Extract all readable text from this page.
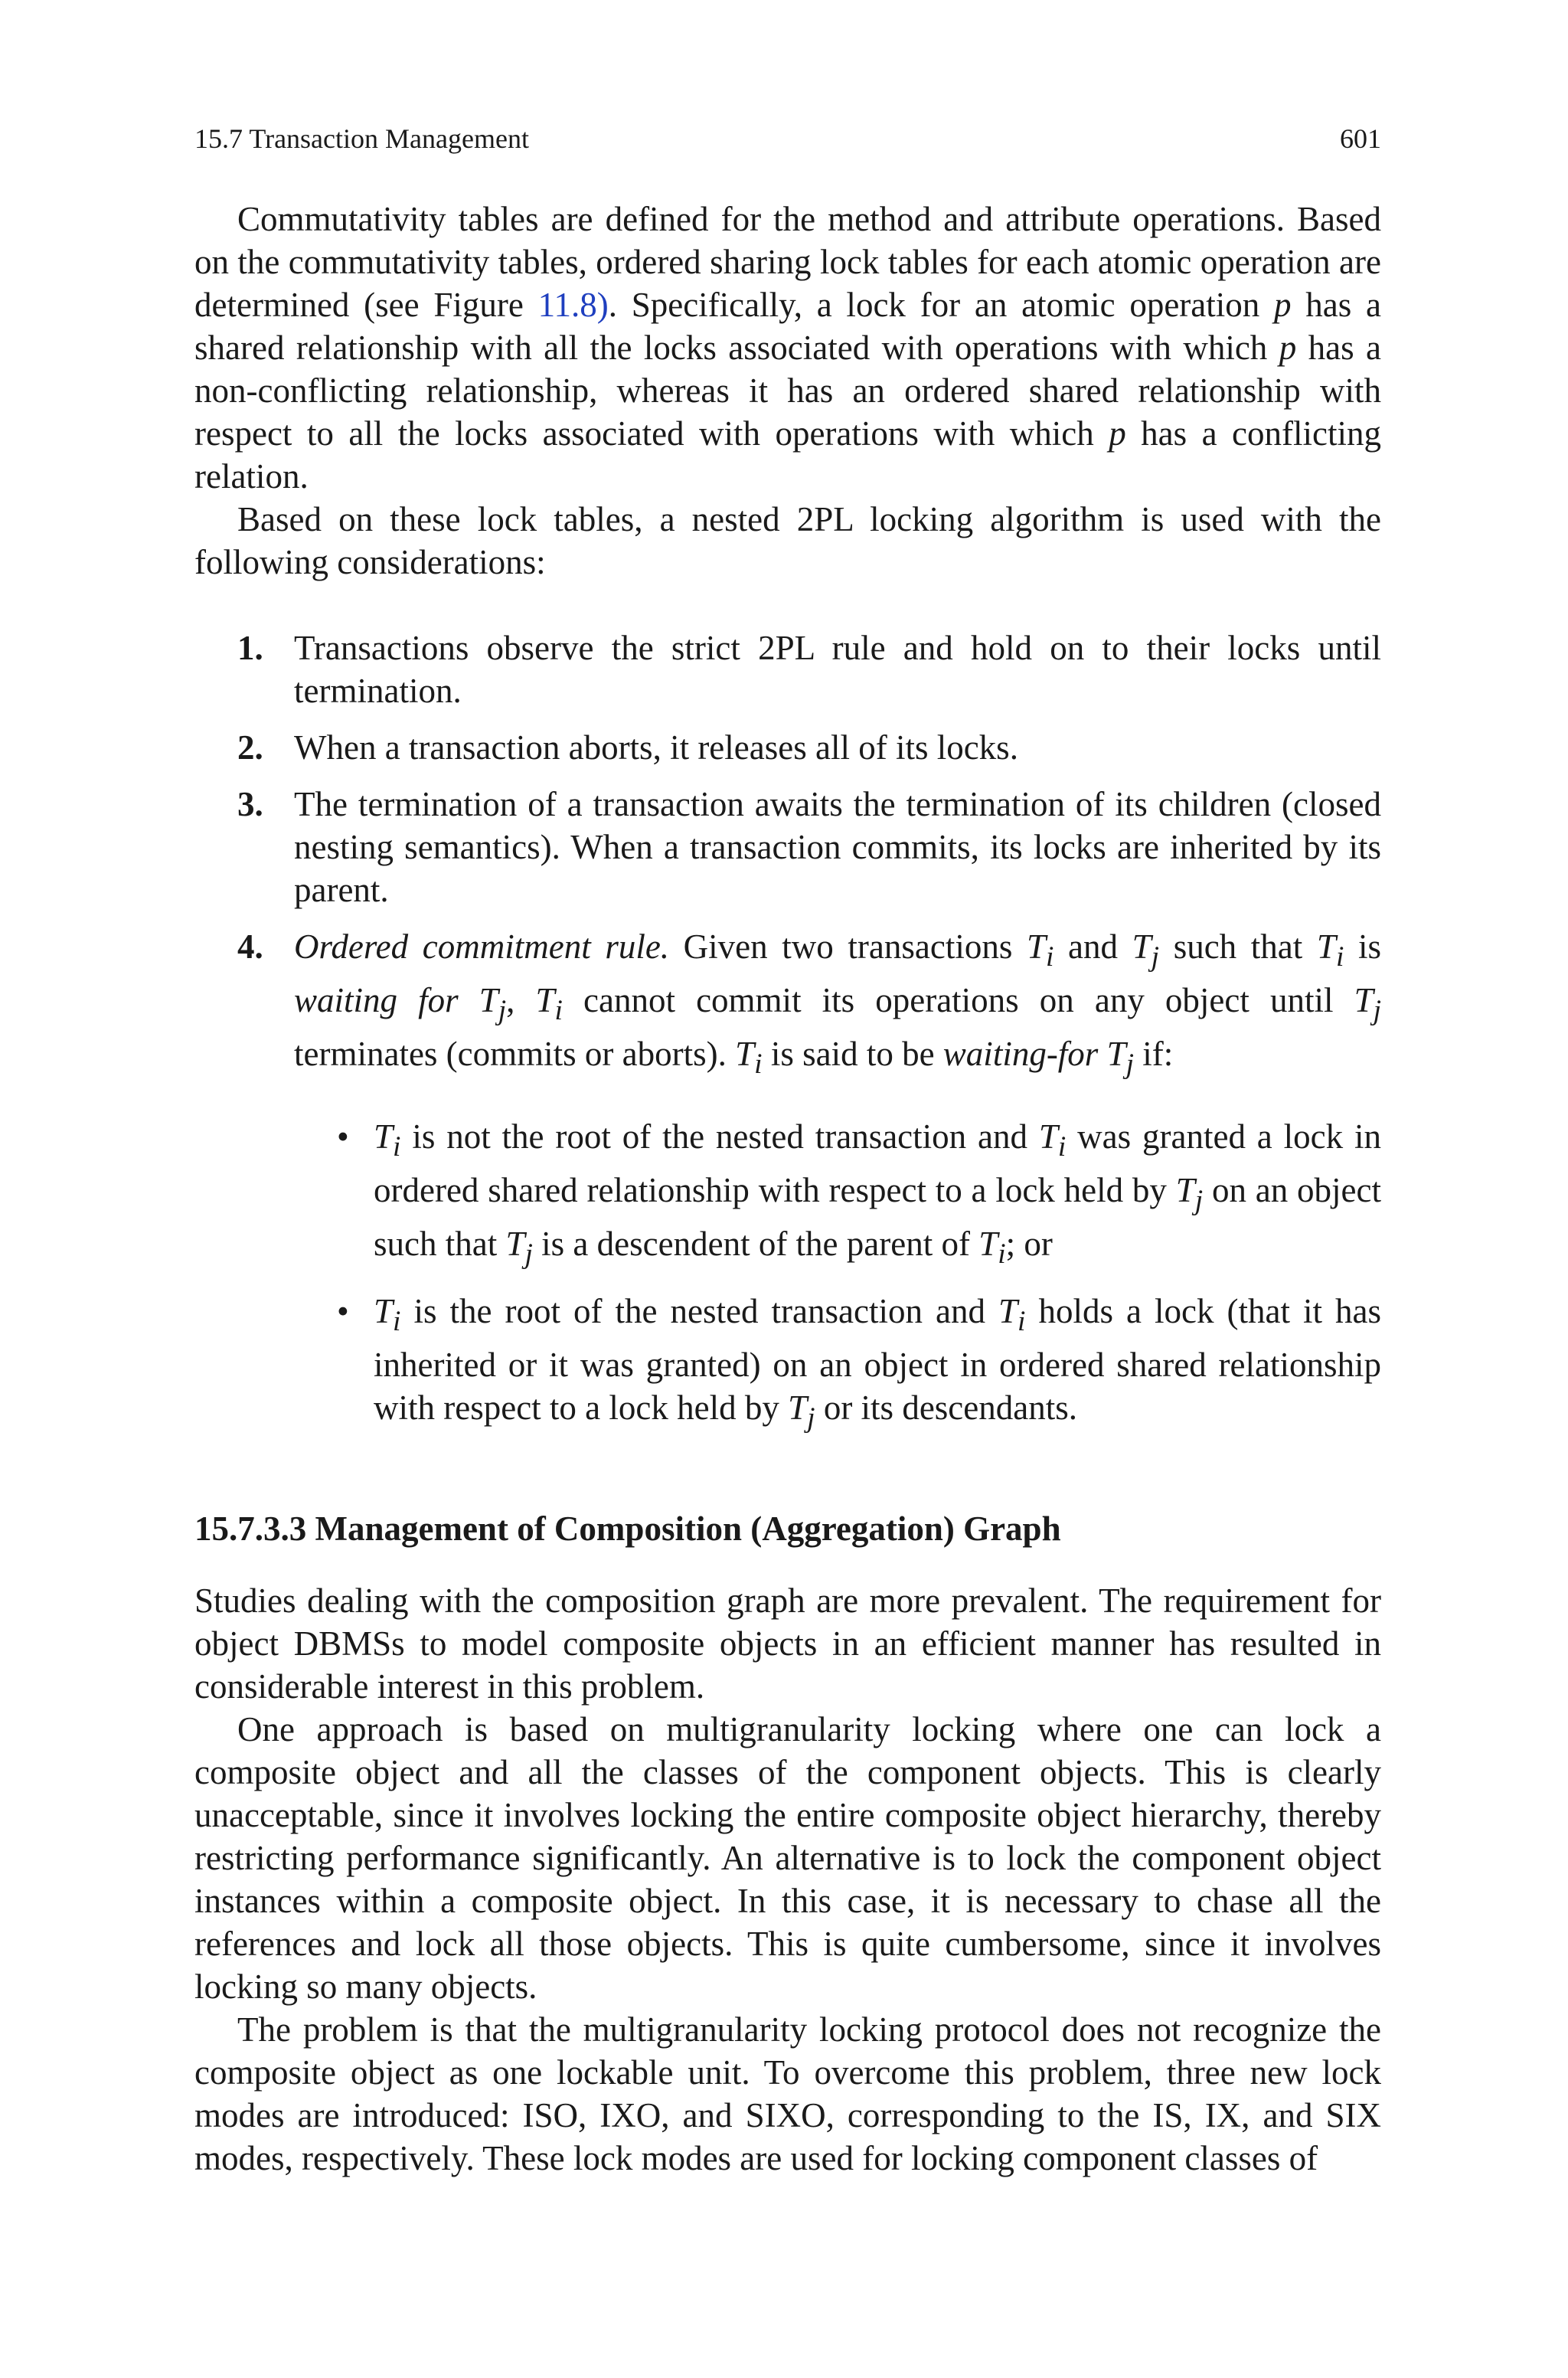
15.7 Transaction Management	601

Commutativity tables are defined for the method and attribute operations. Based on the commutativity tables, ordered sharing lock tables for each atomic operation are determined (see Figure 11.8). Specifically, a lock for an atomic operation p has a shared relationship with all the locks associated with operations with which p has a non-conflicting relationship, whereas it has an ordered shared relationship with respect to all the locks associated with operations with which p has a conflicting relation.

Based on these lock tables, a nested 2PL locking algorithm is used with the following considerations:

1. Transactions observe the strict 2PL rule and hold on to their locks until termination.
2. When a transaction aborts, it releases all of its locks.
3. The termination of a transaction awaits the termination of its children (closed nesting semantics). When a transaction commits, its locks are inherited by its parent.
4. Ordered commitment rule. Given two transactions $T_i$ and $T_j$ such that $T_i$ is waiting for $T_j$, $T_i$ cannot commit its operations on any object until $T_j$ terminates (commits or aborts). $T_i$ is said to be waiting-for $T_j$ if:
• $T_i$ is not the root of the nested transaction and $T_i$ was granted a lock in ordered shared relationship with respect to a lock held by $T_j$ on an object such that $T_j$ is a descendent of the parent of $T_i$; or
• $T_i$ is the root of the nested transaction and $T_i$ holds a lock (that it has inherited or it was granted) on an object in ordered shared relationship with respect to a lock held by $T_j$ or its descendants.
15.7.3.3 Management of Composition (Aggregation) Graph

Studies dealing with the composition graph are more prevalent. The requirement for object DBMSs to model composite objects in an efficient manner has resulted in considerable interest in this problem.

One approach is based on multigranularity locking where one can lock a composite object and all the classes of the component objects. This is clearly unacceptable, since it involves locking the entire composite object hierarchy, thereby restricting performance significantly. An alternative is to lock the component object instances within a composite object. In this case, it is necessary to chase all the references and lock all those objects. This is quite cumbersome, since it involves locking so many objects.

The problem is that the multigranularity locking protocol does not recognize the composite object as one lockable unit. To overcome this problem, three new lock modes are introduced: ISO, IXO, and SIXO, corresponding to the IS, IX, and SIX modes, respectively. These lock modes are used for locking component classes of
